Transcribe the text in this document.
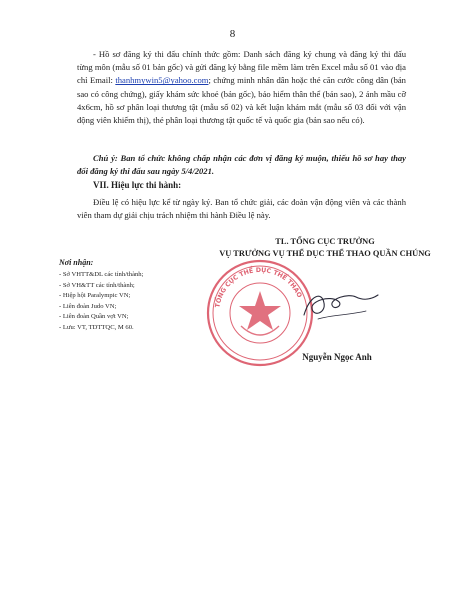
8
- Hồ sơ đăng ký thi đấu chính thức gồm: Danh sách đăng ký chung và đăng ký thi đấu từng môn (mẫu số 01 bản gốc) và gửi đăng ký bằng file mềm làm trên Excel mẫu số 01 vào địa chỉ Email: thanhmywin5@yahoo.com; chứng minh nhân dân hoặc thẻ căn cước công dân (bản sao có công chứng), giấy khám sức khoẻ (bản gốc), bảo hiểm thân thể (bản sao), 2 ảnh mầu cỡ 4x6cm, hồ sơ phân loại thương tật (mẫu số 02) và kết luận khám mắt (mẫu số 03 đối với vận động viên khiếm thị), thẻ phân loại thương tật quốc tế và quốc gia (bản sao nếu có).
Chú ý: Ban tổ chức không chấp nhận các đơn vị đăng ký muộn, thiếu hồ sơ hay thay đổi đăng ký thi đấu sau ngày 5/4/2021.
VII. Hiệu lực thi hành:
Điều lệ có hiệu lực kể từ ngày ký. Ban tổ chức giải, các đoàn vận động viên và các thành viên tham dự giải chịu trách nhiệm thi hành Điều lệ này.
TL. TỔNG CỤC TRƯỞNG
VỤ TRƯỞNG VỤ THỂ DỤC THỂ THAO QUẦN CHÚNG
Nơi nhận:
- Sở VHTT&DL các tỉnh/thành;
- Sở VH&TT các tỉnh/thành;
- Hiệp hội Paralympic VN;
- Liên đoàn Judo VN;
- Liên đoàn Quần vợt VN;
- Lưu: VT, TDTTQC, M 60.
TỔNG CỤC THỂ DỤC THỂ THAO
Nguyễn Ngọc Anh
